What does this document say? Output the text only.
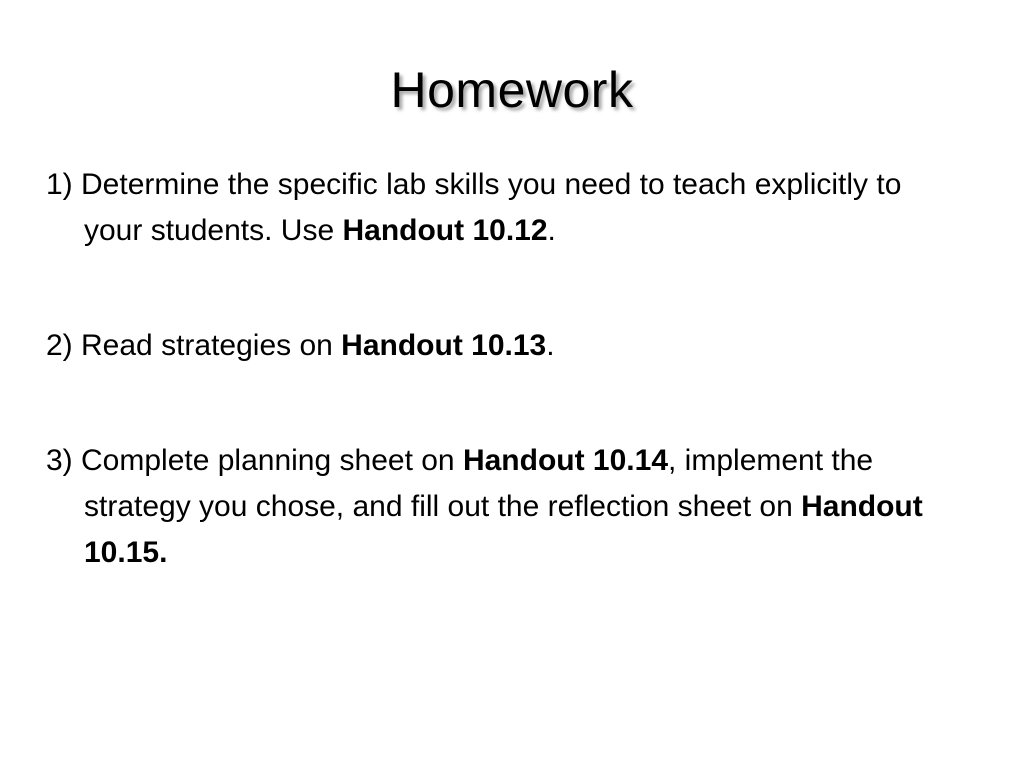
Homework
1) Determine the specific lab skills you need to teach explicitly to your students. Use Handout 10.12.
2) Read strategies on Handout 10.13.
3) Complete planning sheet on Handout 10.14, implement the strategy you chose, and fill out the reflection sheet on Handout 10.15.
